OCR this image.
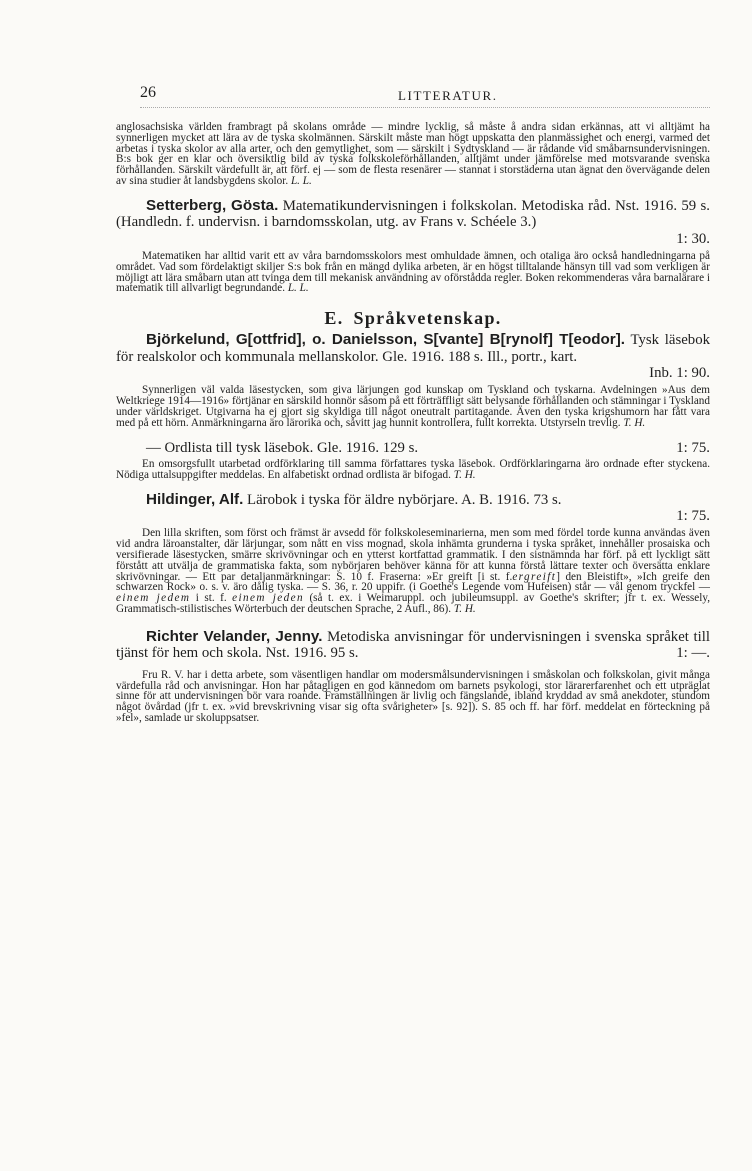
26	LITTERATUR.

anglosachsiska världen frambragt på skolans område — mindre lycklig, så måste å andra sidan erkännas, att vi alltjämt ha synnerligen mycket att lära av de tyska skolmännen. Särskilt måste man högt uppskatta den planmässighet och energi, varmed det arbetas i tyska skolor av alla arter, och den gemytlighet, som — särskilt i Sydtyskland — är rådande vid småbarnsundervisningen. B:s bok ger en klar och översiktlig bild av tyska folkskoleförhållanden, alltjämt under jämförelse med motsvarande svenska förhållanden. Särskilt värdefullt är, att förf. ej — som de flesta resenärer — stannat i storstäderna utan ägnat den övervägande delen av sina studier åt landsbygdens skolor. L. L.

Setterberg, Gösta. Matematikundervisningen i folkskolan. Metodiska råd. Nst. 1916. 59 s. (Handledn. f. undervisn. i barndomsskolan, utg. av Frans v. Schéele 3.)

1: 30.

Matematiken har alltid varit ett av våra barndomsskolors mest omhuldade ämnen, och otaliga äro också handledningarna på området. Vad som fördelaktigt skiljer S:s bok från en mängd dylika arbeten, är en högst tilltalande hänsyn till vad som verkligen är möjligt att lära småbarn utan att tvinga dem till mekanisk användning av oförstådda regler. Boken rekommenderas våra barnalärare i matematik till allvarligt begrundande. L. L.

E. Språkvetenskap.

Björkelund, G[ottfrid], o. Danielsson, S[vante] B[rynolf] T[eodor]. Tysk läsebok för realskolor och kommunala mellanskolor. Gle. 1916. 188 s. Ill., portr., kart.

Inb. 1: 90.

Synnerligen väl valda läsestycken, som giva lärjungen god kunskap om Tyskland och tyskarna. Avdelningen »Aus dem Weltkriege 1914—1916» förtjänar en särskild honnör såsom på ett förträffligt sätt belysande förhållanden och stämningar i Tyskland under världskriget. Utgivarna ha ej gjort sig skyldiga till något oneutralt partitagande. Även den tyska krigshumorn har fått vara med på ett hörn. Anmärkningarna äro lärorika och, såvitt jag hunnit kontrollera, fullt korrekta. Utstyrseln trevlig. T. H.

— Ordlista till tysk läsebok. Gle. 1916. 129 s.	1: 75.

En omsorgsfullt utarbetad ordförklaring till samma författares tyska läsebok. Ordförklaringarna äro ordnade efter styckena. Nödiga uttalsuppgifter meddelas. En alfabetiskt ordnad ordlista är bifogad. T. H.

Hildinger, Alf. Lärobok i tyska för äldre nybörjare. A. B. 1916. 73 s.

1: 75.

Den lilla skriften, som först och främst är avsedd för folkskoleseminarierna, men som med fördel torde kunna användas även vid andra läroanstalter, där lärjungar, som nått en viss mognad, skola inhämta grunderna i tyska språket, innehåller prosaiska och versifierade läsestycken, smärre skrivövningar och en ytterst kortfattad grammatik. I den sistnämnda har förf. på ett lyckligt sätt förstått att utvälja de grammatiska fakta, som nybörjaren behöver känna för att kunna förstå lättare texter och översätta enklare skrivövningar. — Ett par detaljanmärkningar: S. 10 f. Fraserna: »Er greift [i st. f.ergreift] den Bleistift», »Ich greife den schwarzen Rock» o. s. v. äro dålig tyska. — S. 36, r. 20 uppifr. (i Goethe's Legende vom Hufeisen) står — vål genom tryckfel — einem jedem i st. f. einem jeden (så t. ex. i Weimaruppl. och jubileumsuppl. av Goethe's skrifter; jfr t. ex. Wessely, Grammatisch-stilistisches Wörterbuch der deutschen Sprache, 2 Aufl., 86). T. H.

Richter Velander, Jenny. Metodiska anvisningar för undervisningen i svenska språket till tjänst för hem och skola. Nst. 1916. 95 s.	1: —.

Fru R. V. har i detta arbete, som väsentligen handlar om modersmålsundervisningen i småskolan och folkskolan, givit många värdefulla råd och anvisningar. Hon har påtagligen en god kännedom om barnets psykologi, stor lärarerfarenhet och ett utpräglat sinne för att undervisningen bör vara roande. Framställningen är livlig och fängslande, ibland kryddad av små anekdoter, stundom något övårdad (jfr t. ex. »vid brevskrivning visar sig ofta svårigheter» [s. 92]). S. 85 och ff. har förf. meddelat en förteckning på »fel», samlade ur skoluppsatser.
